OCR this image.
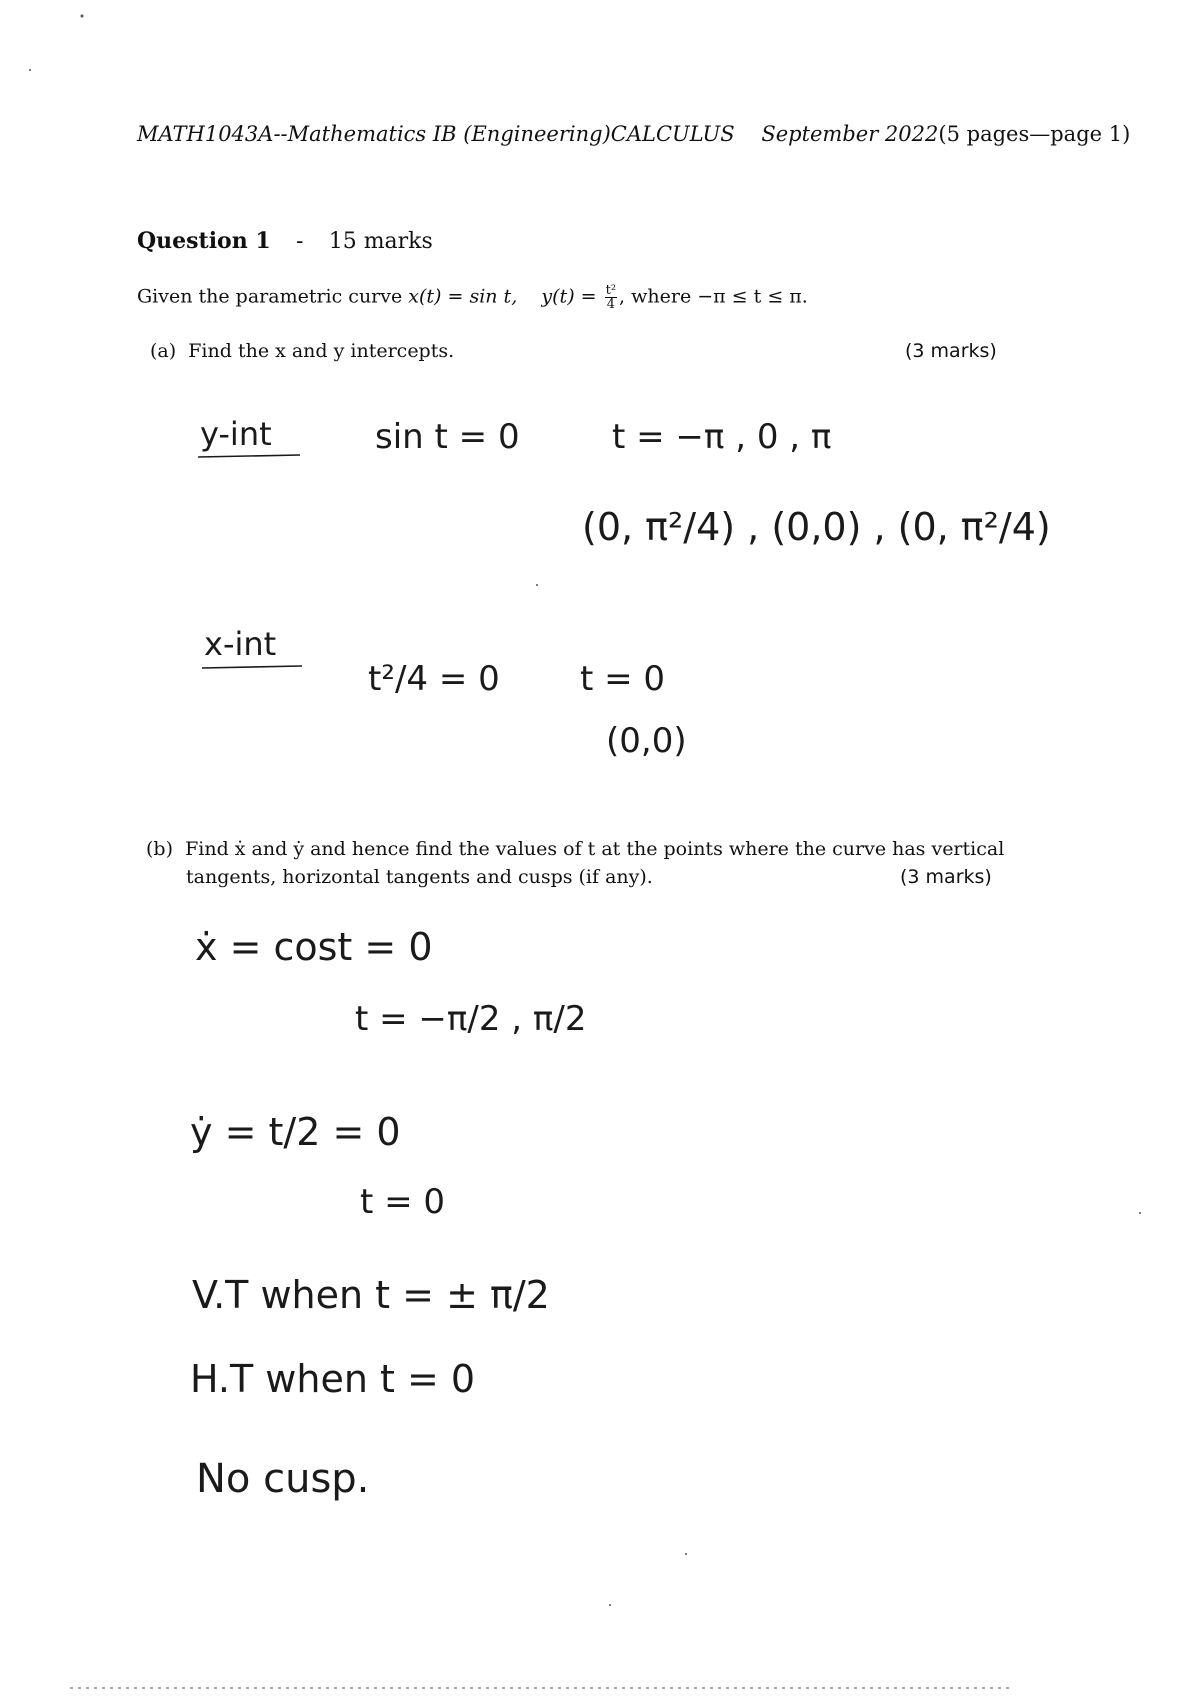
MATH1043A--Mathematics IB (Engineering)CALCULUS September 2022(5 pages—page 1)
Question 1 - 15 marks
Given the parametric curve x(t) = sin t, $y(t) = \frac{\text{t²}}{4}$ , where −π ≤ t ≤ π.
(a) Find the x and y intercepts.	(3 marks)
(b) Find ẋ and ẏ and hence find the values of t at the points where the curve has vertical
tangents, horizontal tangents and cusps (if any).	(3 marks)
y-int	sin t = 0	t = −π , 0 , π
(0, π²/4) , (0,0) , (0, π²/4)
x-int
t²/4 = 0 t = 0
(0,0)
ẋ = cost = 0
t = −π/2 , π/2
ẏ = t/2 = 0
t = 0
V.T when t = ± π/2
H.T when t = 0
No cusp.
